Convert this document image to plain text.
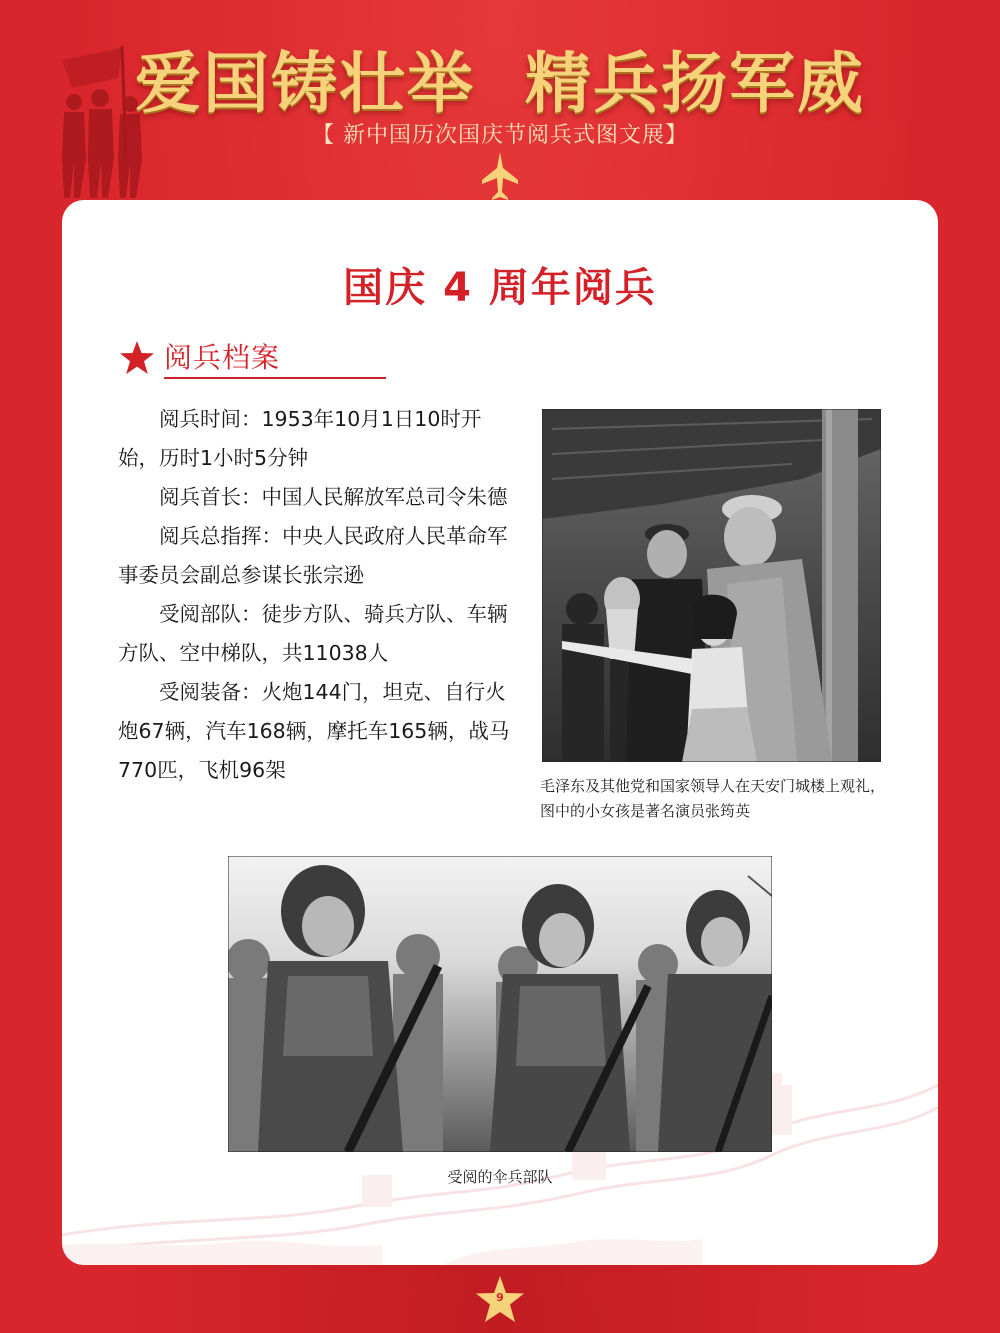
爱国铸壮举  精兵扬军威
【 新中国历次国庆节阅兵式图文展】
国庆 4 周年阅兵
阅兵档案

阅兵时间：1953年10月1日10时开始，历时1小时5分钟

阅兵首长：中国人民解放军总司令朱德

阅兵总指挥：中央人民政府人民革命军事委员会副总参谋长张宗逊

受阅部队：徒步方队、骑兵方队、车辆方队、空中梯队，共11038人

受阅装备：火炮144门，坦克、自行火炮67辆，汽车168辆，摩托车165辆，战马770匹，飞机96架

毛泽东及其他党和国家领导人在天安门城楼上观礼，图中的小女孩是著名演员张筠英
受阅的伞兵部队
9
